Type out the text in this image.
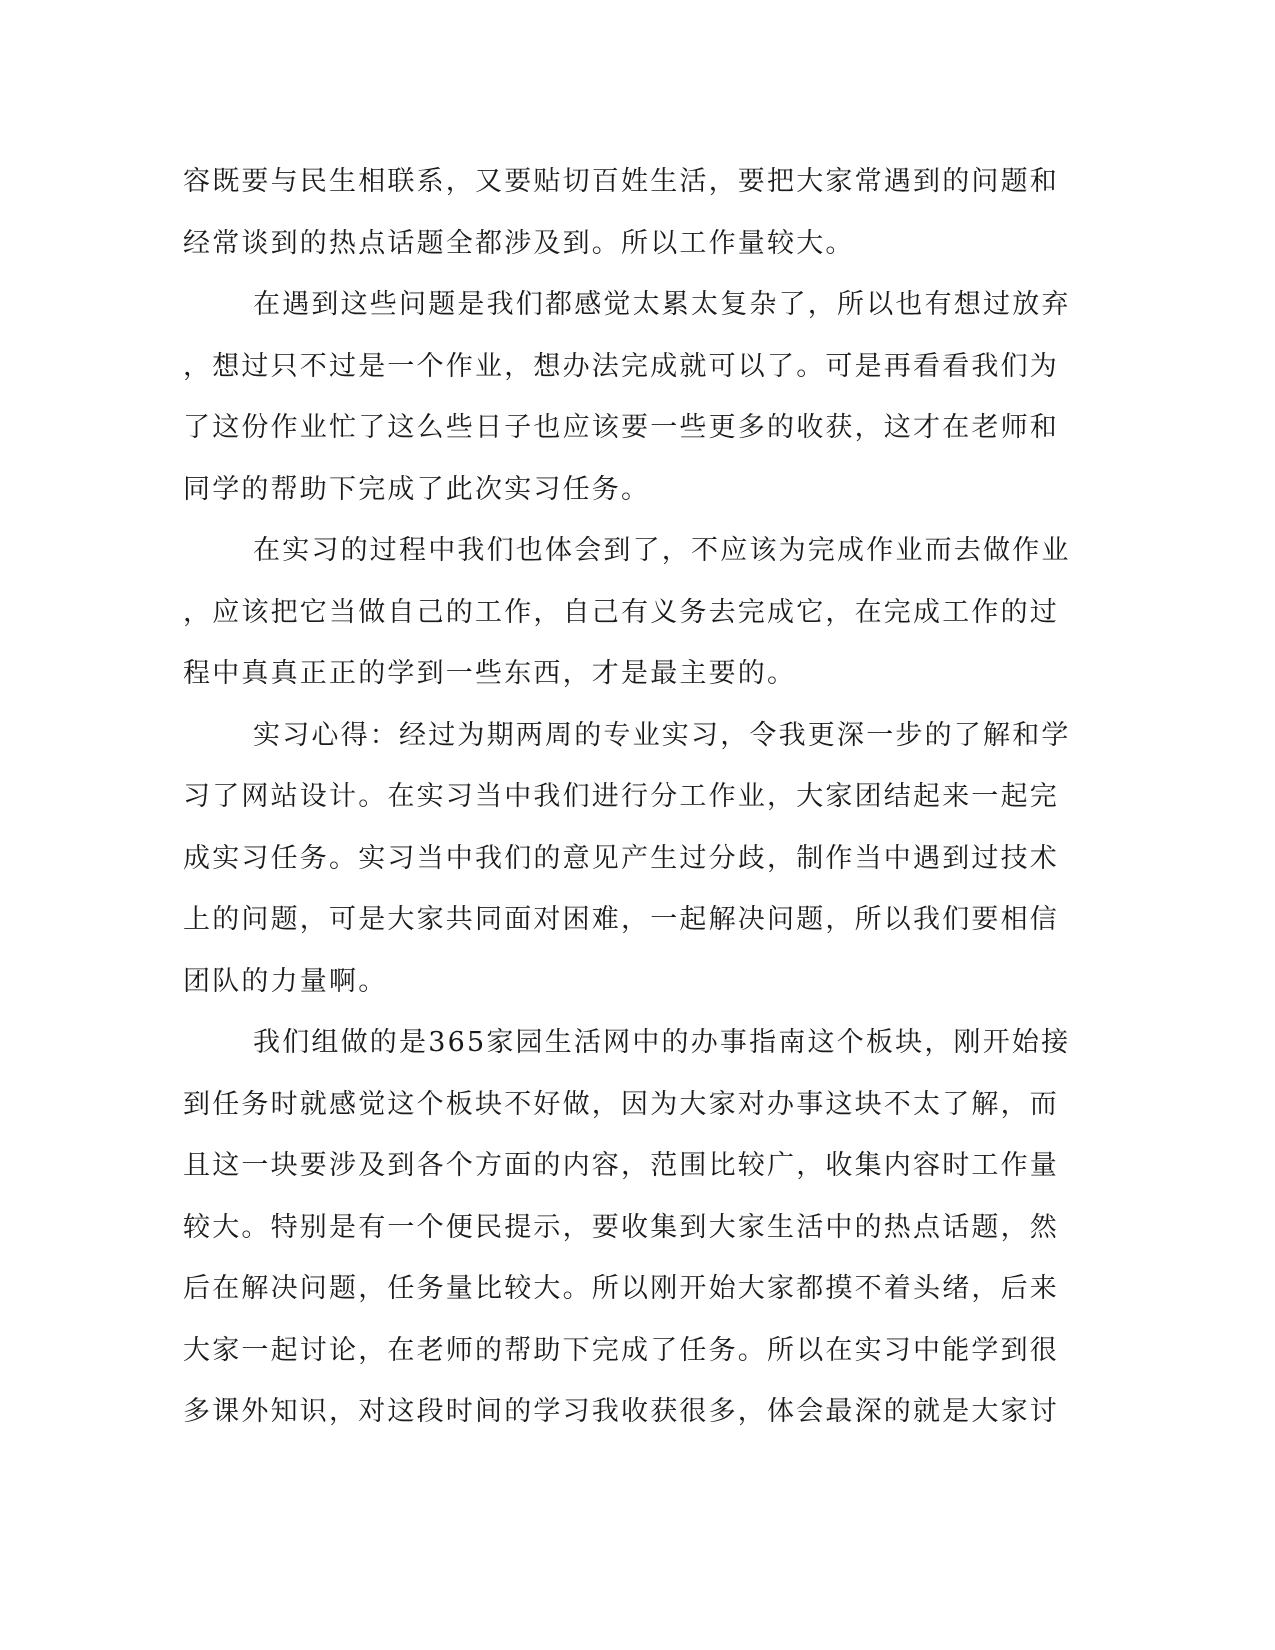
容既要与民生相联系，又要贴切百姓生活，要把大家常遇到的问题和
经常谈到的热点话题全都涉及到。所以工作量较大。
在遇到这些问题是我们都感觉太累太复杂了，所以也有想过放弃
，想过只不过是一个作业，想办法完成就可以了。可是再看看我们为
了这份作业忙了这么些日子也应该要一些更多的收获，这才在老师和
同学的帮助下完成了此次实习任务。
在实习的过程中我们也体会到了，不应该为完成作业而去做作业
，应该把它当做自己的工作，自己有义务去完成它，在完成工作的过
程中真真正正的学到一些东西，才是最主要的。
实习心得：经过为期两周的专业实习，令我更深一步的了解和学
习了网站设计。在实习当中我们进行分工作业，大家团结起来一起完
成实习任务。实习当中我们的意见产生过分歧，制作当中遇到过技术
上的问题，可是大家共同面对困难，一起解决问题，所以我们要相信
团队的力量啊。
我们组做的是365家园生活网中的办事指南这个板块，刚开始接
到任务时就感觉这个板块不好做，因为大家对办事这块不太了解，而
且这一块要涉及到各个方面的内容，范围比较广，收集内容时工作量
较大。特别是有一个便民提示，要收集到大家生活中的热点话题，然
后在解决问题，任务量比较大。所以刚开始大家都摸不着头绪，后来
大家一起讨论，在老师的帮助下完成了任务。所以在实习中能学到很
多课外知识，对这段时间的学习我收获很多，体会最深的就是大家讨
